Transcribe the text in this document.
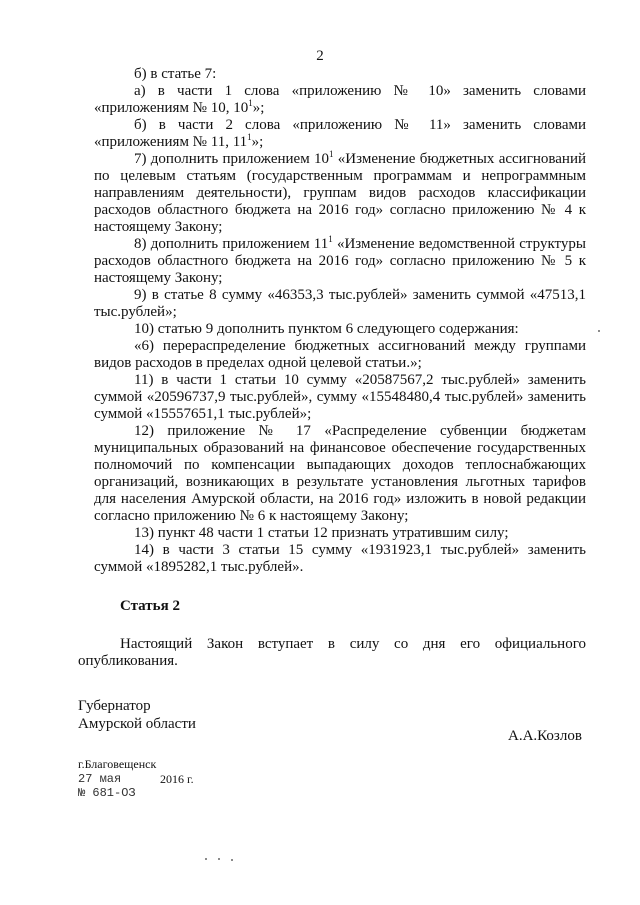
2

б) в статье 7:

а) в части 1 слова «приложению № 10» заменить словами «приложениям № 10, $10^1$»;

б) в части 2 слова «приложению № 11» заменить словами «приложениям № 11, $11^1$»;

7) дополнить приложением $10^1$ «Изменение бюджетных ассигнований по целевым статьям (государственным программам и непрограммным направлениям деятельности), группам видов расходов классификации расходов областного бюджета на 2016 год» согласно приложению № 4 к настоящему Закону;

8) дополнить приложением $11^1$ «Изменение ведомственной структуры расходов областного бюджета на 2016 год» согласно приложению № 5 к настоящему Закону;

9) в статье 8 сумму «46353,3 тыс.рублей» заменить суммой «47513,1 тыс.рублей»;

10) статью 9 дополнить пунктом 6 следующего содержания:

«6) перераспределение бюджетных ассигнований между группами видов расходов в пределах одной целевой статьи.»;

11) в части 1 статьи 10 сумму «20587567,2 тыс.рублей» заменить суммой «20596737,9 тыс.рублей», сумму «15548480,4 тыс.рублей» заменить суммой «15557651,1 тыс.рублей»;

12) приложение № 17 «Распределение субвенции бюджетам муниципальных образований на финансовое обеспечение государственных полномочий по компенсации выпадающих доходов теплоснабжающих организаций, возникающих в результате установления льготных тарифов для населения Амурской области, на 2016 год» изложить в новой редакции согласно приложению № 6 к настоящему Закону;

13) пункт 48 части 1 статьи 12 признать утратившим силу;

14) в части 3 статьи 15 сумму «1931923,1 тыс.рублей» заменить суммой «1895282,1 тыс.рублей».

Статья 2

Настоящий Закон вступает в силу со дня его официального опубликования.

Губернатор
Амурской области
А.А.Козлов
г.Благовещенск
27 мая	2016 г.
№ 681-ОЗ
